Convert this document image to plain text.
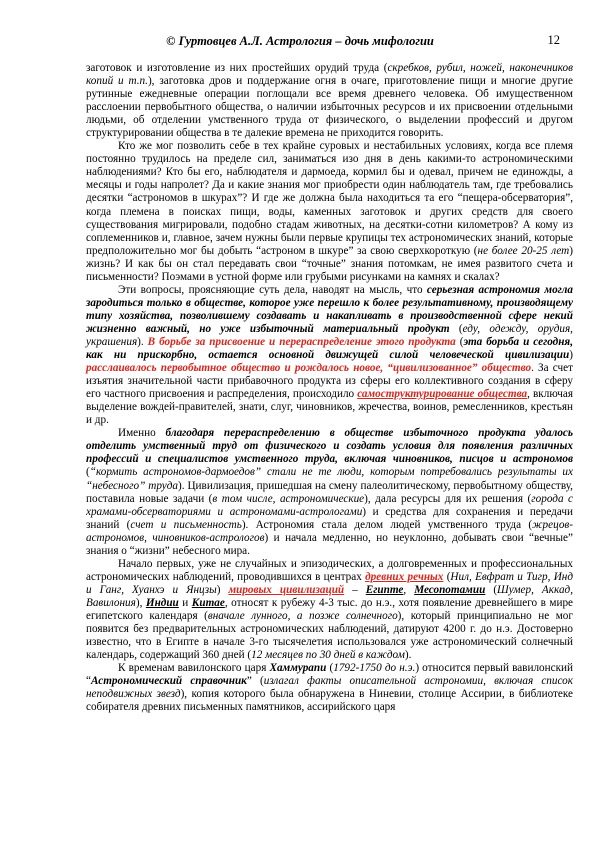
© Гуртовцев А.Л. Астрология – дочь мифологии	12

заготовок и изготовление из них простейших орудий труда (скребков, рубил, ножей, наконечников копий и т.п.), заготовка дров и поддержание огня в очаге, приготовление пищи и многие другие рутинные ежедневные операции поглощали все время древнего человека. Об имущественном расслоении первобытного общества, о наличии избыточных ресурсов и их присвоении отдельными людьми, об отделении умственного труда от физического, о выделении профессий и другом структурировании общества в те далекие времена не приходится говорить.

Кто же мог позволить себе в тех крайне суровых и нестабильных условиях, когда все племя постоянно трудилось на пределе сил, заниматься изо дня в день какими-то астрономическими наблюдениями? Кто бы его, наблюдателя и дармоеда, кормил бы и одевал, причем не единожды, а месяцы и годы напролет? Да и какие знания мог приобрести один наблюдатель там, где требовались десятки “астрономов в шкурах”? И где же должна была находиться та его “пещера-обсерватория”, когда племена в поисках пищи, воды, каменных заготовок и других средств для своего существования мигрировали, подобно стадам животных, на десятки-сотни километров? А кому из соплеменников и, главное, зачем нужны были первые крупицы тех астрономических знаний, которые предположительно мог бы добыть “астроном в шкуре” за свою сверхкороткую (не более 20-25 лет) жизнь? И как бы он стал передавать свои “точные” знания потомкам, не имея развитого счета и письменности? Поэмами в устной форме или грубыми рисунками на камнях и скалах?

Эти вопросы, проясняющие суть дела, наводят на мысль, что серьезная астрономия могла зародиться только в обществе, которое уже перешло к более результативному, производящему типу хозяйства, позволившему создавать и накапливать в производственной сфере некий жизненно важный, но уже избыточный материальный продукт (еду, одежду, орудия, украшения). В борьбе за присвоение и перераспределение этого продукта (эта борьба и сегодня, как ни прискорбно, остается основной движущей силой человеческой цивилизации) расслаивалось первобытное общество и рождалось новое, “цивилизованное” общество. За счет изъятия значительной части прибавочного продукта из сферы его коллективного создания в сферу его частного присвоения и распределения, происходило самоструктурирование общества, включая выделение вождей-правителей, знати, слуг, чиновников, жречества, воинов, ремесленников, крестьян и др.

Именно благодаря перераспределению в обществе избыточного продукта удалось отделить умственный труд от физического и создать условия для появления различных профессий и специалистов умственного труда, включая чиновников, писцов и астрономов (“кормить астрономов-дармоедов” стали не те люди, которым потребовались результаты их “небесного” труда). Цивилизация, пришедшая на смену палеолитическому, первобытному обществу, поставила новые задачи (в том числе, астрономические), дала ресурсы для их решения (города с храмами-обсерваториями и астрономами-астрологами) и средства для сохранения и передачи знаний (счет и письменность). Астрономия стала делом людей умственного труда (жрецов-астрономов, чиновников-астрологов) и начала медленно, но неуклонно, добывать свои “вечные” знания о “жизни” небесного мира.

Начало первых, уже не случайных и эпизодических, а долговременных и профессиональных астрономических наблюдений, проводившихся в центрах древних речных (Нил, Евфрат и Тигр, Инд и Ганг, Хуанхэ и Янцзы) мировых цивилизаций – Египте, Месопотамии (Шумер, Аккад, Вавилония), Индии и Китае, относят к рубежу 4-3 тыс. до н.э., хотя появление древнейшего в мире египетского календаря (вначале лунного, а позже солнечного), который принципиально не мог появится без предварительных астрономических наблюдений, датируют 4200 г. до н.э. Достоверно известно, что в Египте в начале 3-го тысячелетия использовался уже астрономический солнечный календарь, содержащий 360 дней (12 месяцев по 30 дней в каждом).

К временам вавилонского царя Хаммурапи (1792-1750 до н.э.) относится первый вавилонский “Астрономический справочник” (излагал факты описательной астрономии, включая список неподвижных звезд), копия которого была обнаружена в Ниневии, столице Ассирии, в библиотеке собирателя древних письменных памятников, ассирийского царя
